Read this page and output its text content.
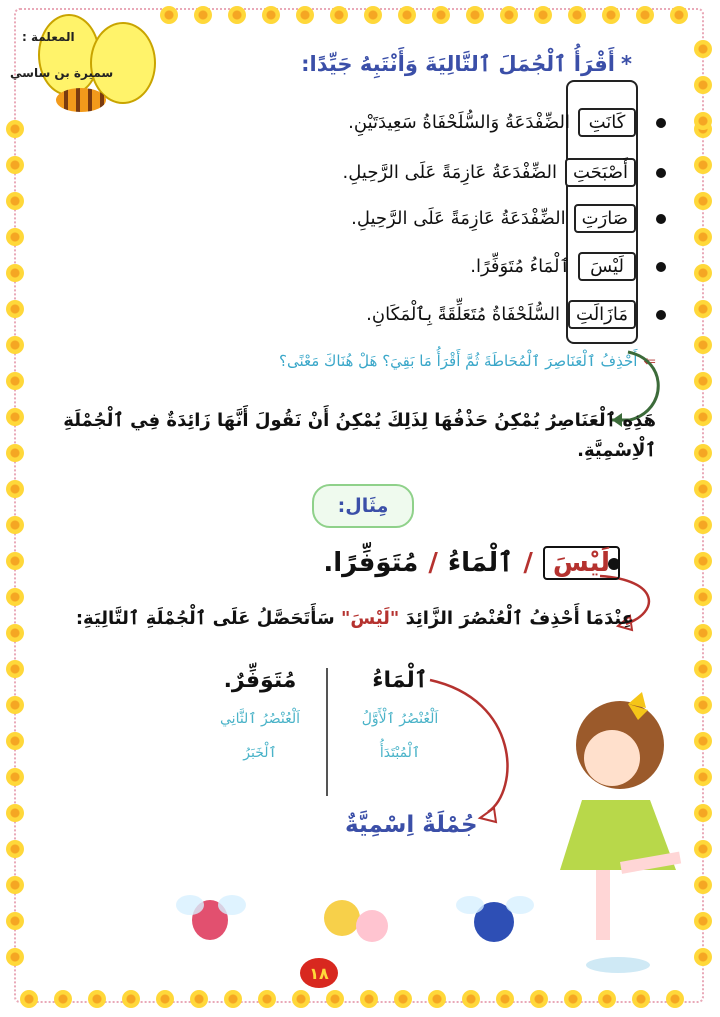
المعلمة :
سميرة بن ساسي	*أَقْرَأُ ٱلْجُمَلَ ٱلتَّالِيَةَ وَأَنْتَبِهُ جَيِّدًا:
كَانَتِ
الضِّفْدَعَةُ وَالسُّلَحْفَاةُ سَعِيدَتَيْنِ.
أَصْبَحَتِ
الضِّفْدَعَةُ عَازِمَةً عَلَى الرَّحِيلِ.
صَارَتِ
الضِّفْدَعَةُ عَازِمَةً عَلَى الرَّحِيلِ.
لَيْسَ
ٱلْمَاءُ مُتَوَفِّرًا.
مَازَالَتِ
السُّلَحْفَاةُ مُتَعَلِّقَةً بِٱلْمَكَانِ.
⇐أَحْذِفُ ٱلْعَنَاصِرَ ٱلْمُحَاطَةَ ثُمَّ أَقْرَأُ مَا بَقِيَ؟ هَلْ هُنَاكَ مَعْنًى؟
هَذِهِ ٱلْعَنَاصِرُ يُمْكِنُ حَذْفُهَا لِذَلِكَ يُمْكِنُ أَنْ نَقُولَ أَنَّهَا زَائِدَةٌ فِي ٱلْجُمْلَةِ ٱلْاِسْمِيَّةِ.
مِثَال:
لَيْسَ
/
ٱلْمَاءُ
/
مُتَوَفِّرًا.
عِنْدَمَا أَحْذِفُ ٱلْعُنْصُرَ الزَّائِدَ "لَيْسَ" سَأَتَحَصَّلُ عَلَى ٱلْجُمْلَةِ ٱلتَّالِيَةِ:
ٱلْمَاءُ
اَلْعُنْصُرُ ٱلْأَوَّلُ
ٱلْمُبْتَدَأُ
مُتَوَفِّرٌ.
اَلْعُنْصُرُ ٱلثَّانِي
ٱلْخَبَرُ
جُمْلَةٌ اِسْمِيَّةٌ
١٨
